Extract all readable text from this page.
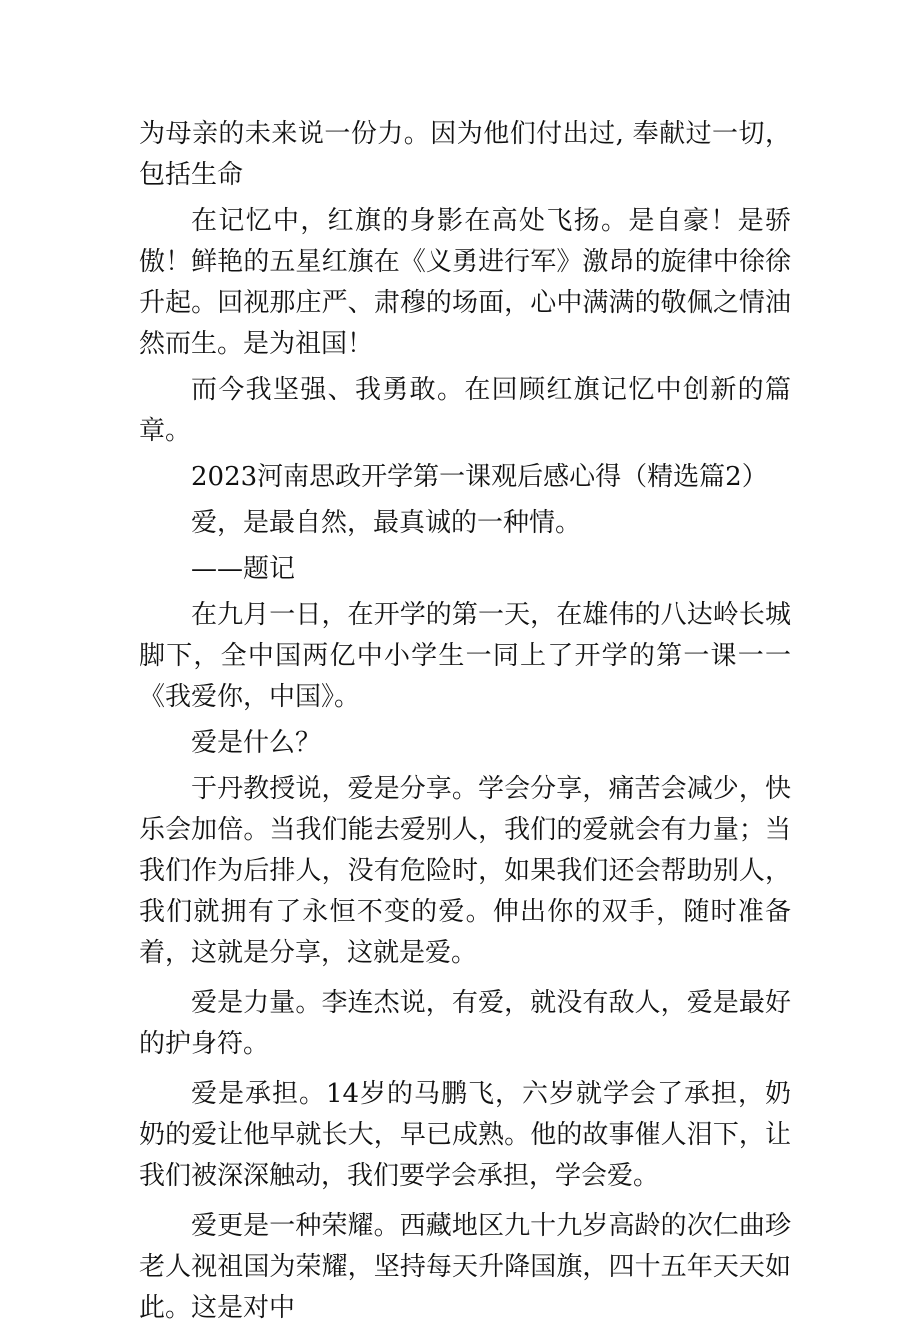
为母亲的未来说一份力。因为他们付出过, 奉献过一切，包括生命

在记忆中，红旗的身影在高处飞扬。是自豪！是骄傲！鲜艳的五星红旗在《义勇进行军》激昂的旋律中徐徐升起。回视那庄严、肃穆的场面，心中满满的敬佩之情油然而生。是为祖国！

而今我坚强、我勇敢。在回顾红旗记忆中创新的篇章。

2023河南思政开学第一课观后感心得（精选篇2）

爱，是最自然，最真诚的一种情。

——题记

在九月一日，在开学的第一天，在雄伟的八达岭长城脚下，全中国两亿中小学生一同上了开学的第一课一一《我爱你，中国》。

爱是什么？

于丹教授说，爱是分享。学会分享，痛苦会减少，快乐会加倍。当我们能去爱别人，我们的爱就会有力量；当我们作为后排人，没有危险时，如果我们还会帮助别人，我们就拥有了永恒不变的爱。伸出你的双手，随时准备着，这就是分享，这就是爱。

爱是力量。李连杰说，有爱，就没有敌人，爱是最好的护身符。

爱是承担。14岁的马鹏飞，六岁就学会了承担，奶奶的爱让他早就长大，早已成熟。他的故事催人泪下，让我们被深深触动，我们要学会承担，学会爱。

爱更是一种荣耀。西藏地区九十九岁高龄的次仁曲珍老人视祖国为荣耀，坚持每天升降国旗，四十五年天天如此。这是对中
